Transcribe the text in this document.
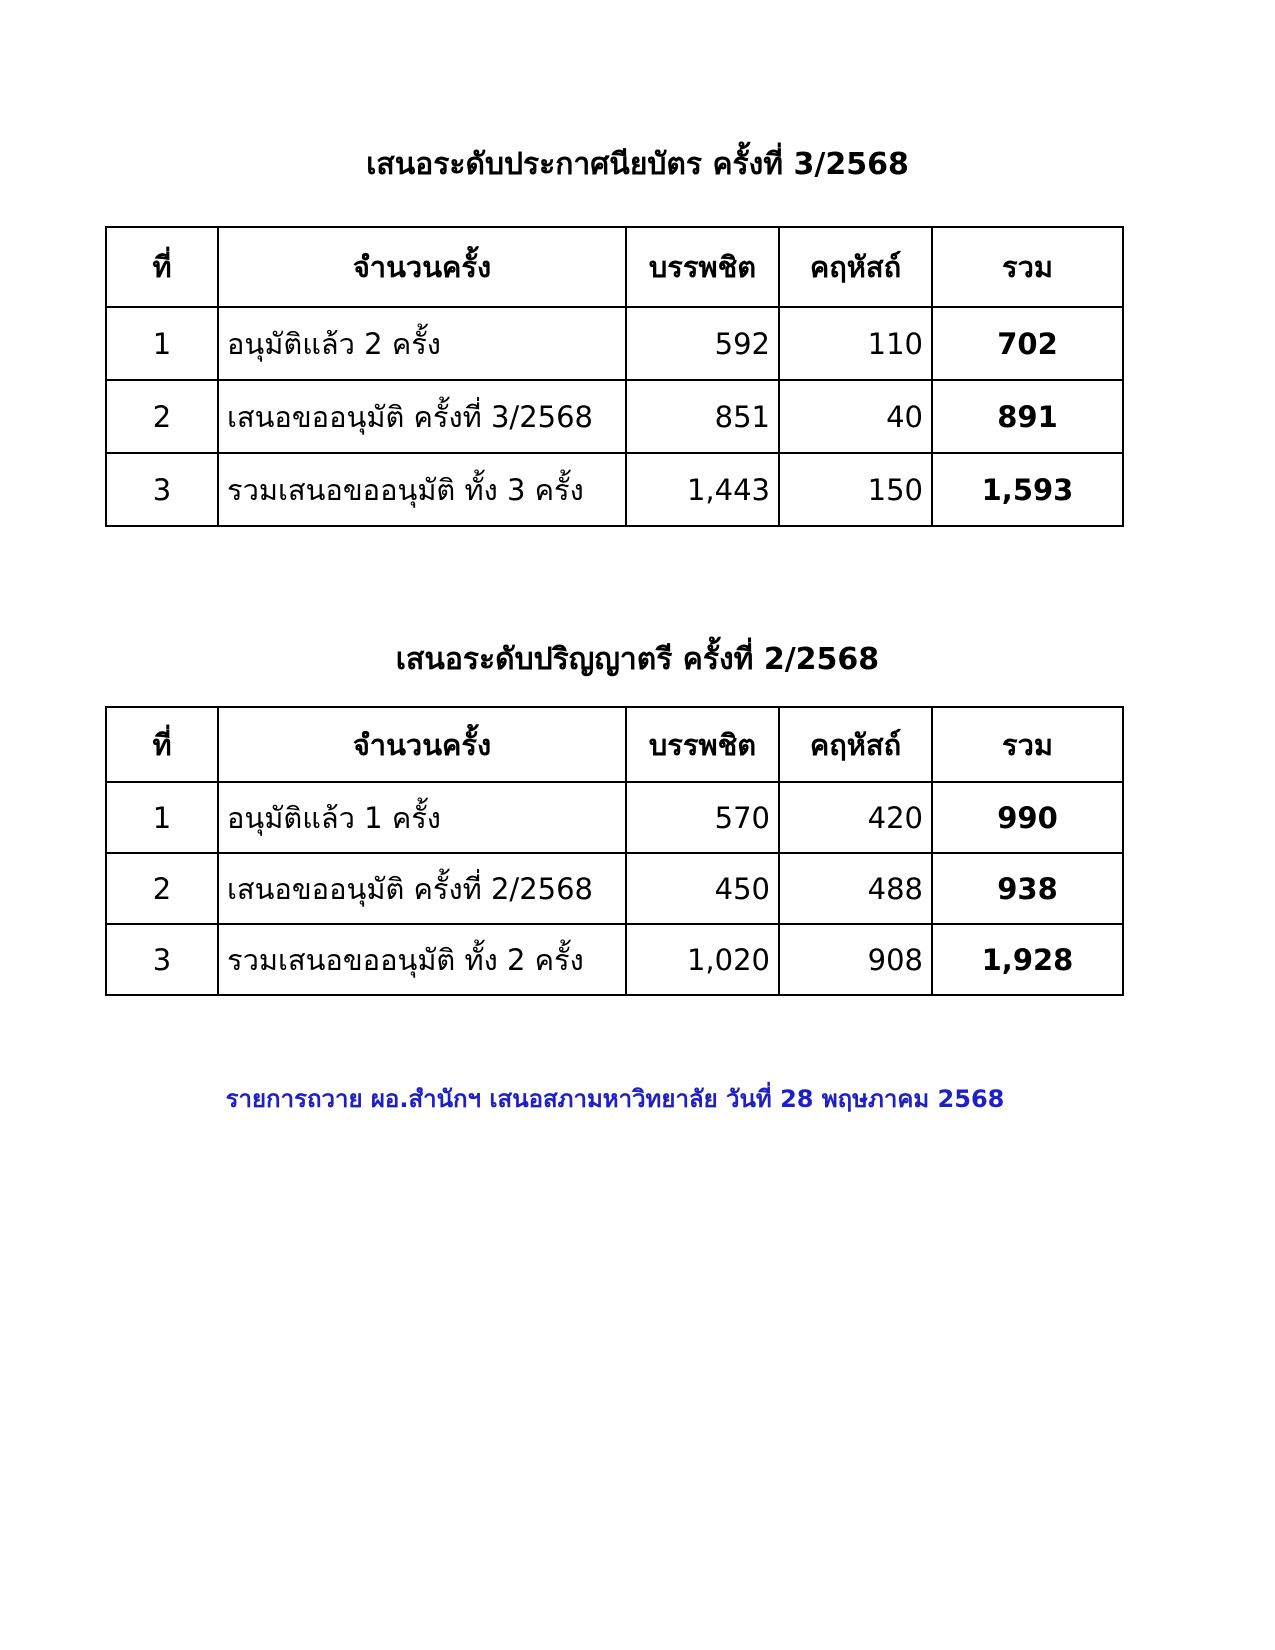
เสนอระดับประกาศนียบัตร ครั้งที่ 3/2568
ที่	จำนวนครั้ง	บรรพชิต	คฤหัสถ์	รวม
1	อนุมัติแล้ว 2 ครั้ง	592	110	702
2	เสนอขออนุมัติ ครั้งที่ 3/2568	851	40	891
3	รวมเสนอขออนุมัติ ทั้ง 3 ครั้ง	1,443	150	1,593
เสนอระดับปริญญาตรี ครั้งที่ 2/2568
ที่	จำนวนครั้ง	บรรพชิต	คฤหัสถ์	รวม
1	อนุมัติแล้ว 1 ครั้ง	570	420	990
2	เสนอขออนุมัติ ครั้งที่ 2/2568	450	488	938
3	รวมเสนอขออนุมัติ ทั้ง 2 ครั้ง	1,020	908	1,928

รายการถวาย ผอ.สำนักฯ เสนอสภามหาวิทยาลัย วันที่ 28 พฤษภาคม 2568
